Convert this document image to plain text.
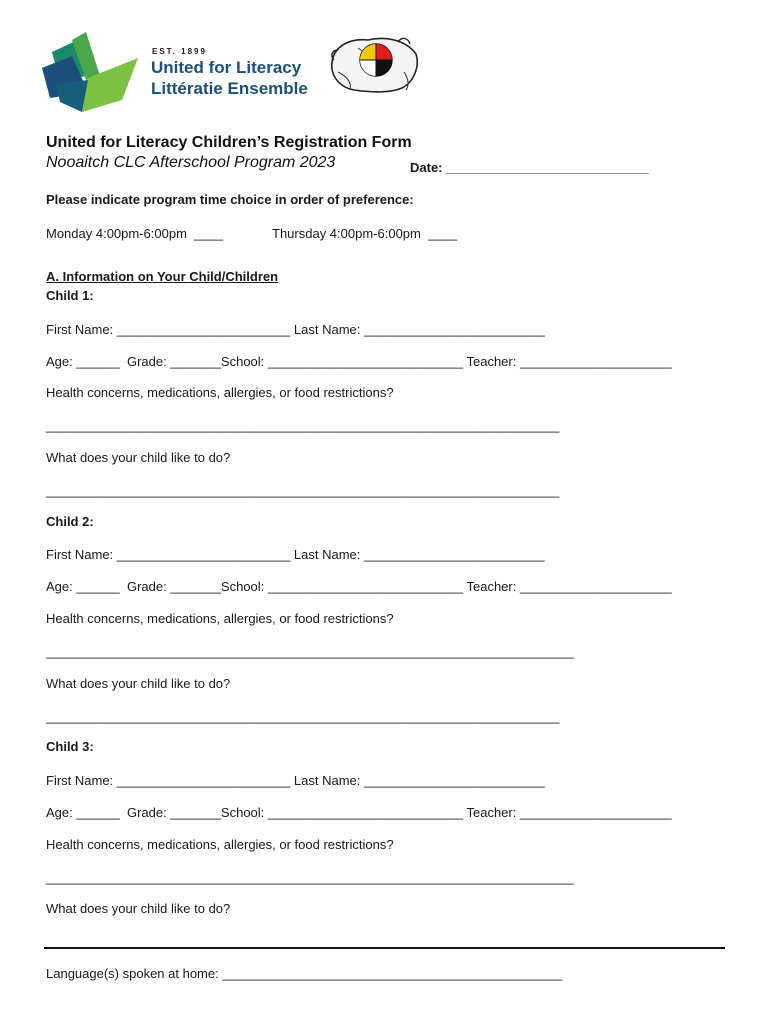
EST. 1899
United for Literacy
Littératie Ensemble
United for Literacy Children’s Registration Form
Nooaitch CLC Afterschool Program 2023	Date: ____________________________
Please indicate program time choice in order of preference:
Monday 4:00pm-6:00pm  ____	Thursday 4:00pm-6:00pm  ____
A. Information on Your Child/Children
Child 1:
First Name: ________________________ Last Name: _________________________
Age: ______  Grade: _______School: ___________________________ Teacher: _____________________
Health concerns, medications, allergies, or food restrictions?
_______________________________________________________________________
What does your child like to do?
_______________________________________________________________________
Child 2:
First Name: ________________________ Last Name: _________________________
Age: ______  Grade: _______School: ___________________________ Teacher: _____________________
Health concerns, medications, allergies, or food restrictions?
_________________________________________________________________________
What does your child like to do?
_______________________________________________________________________
Child 3:
First Name: ________________________ Last Name: _________________________
Age: ______  Grade: _______School: ___________________________ Teacher: _____________________
Health concerns, medications, allergies, or food restrictions?
_________________________________________________________________________
What does your child like to do?
Language(s) spoken at home: _______________________________________________
